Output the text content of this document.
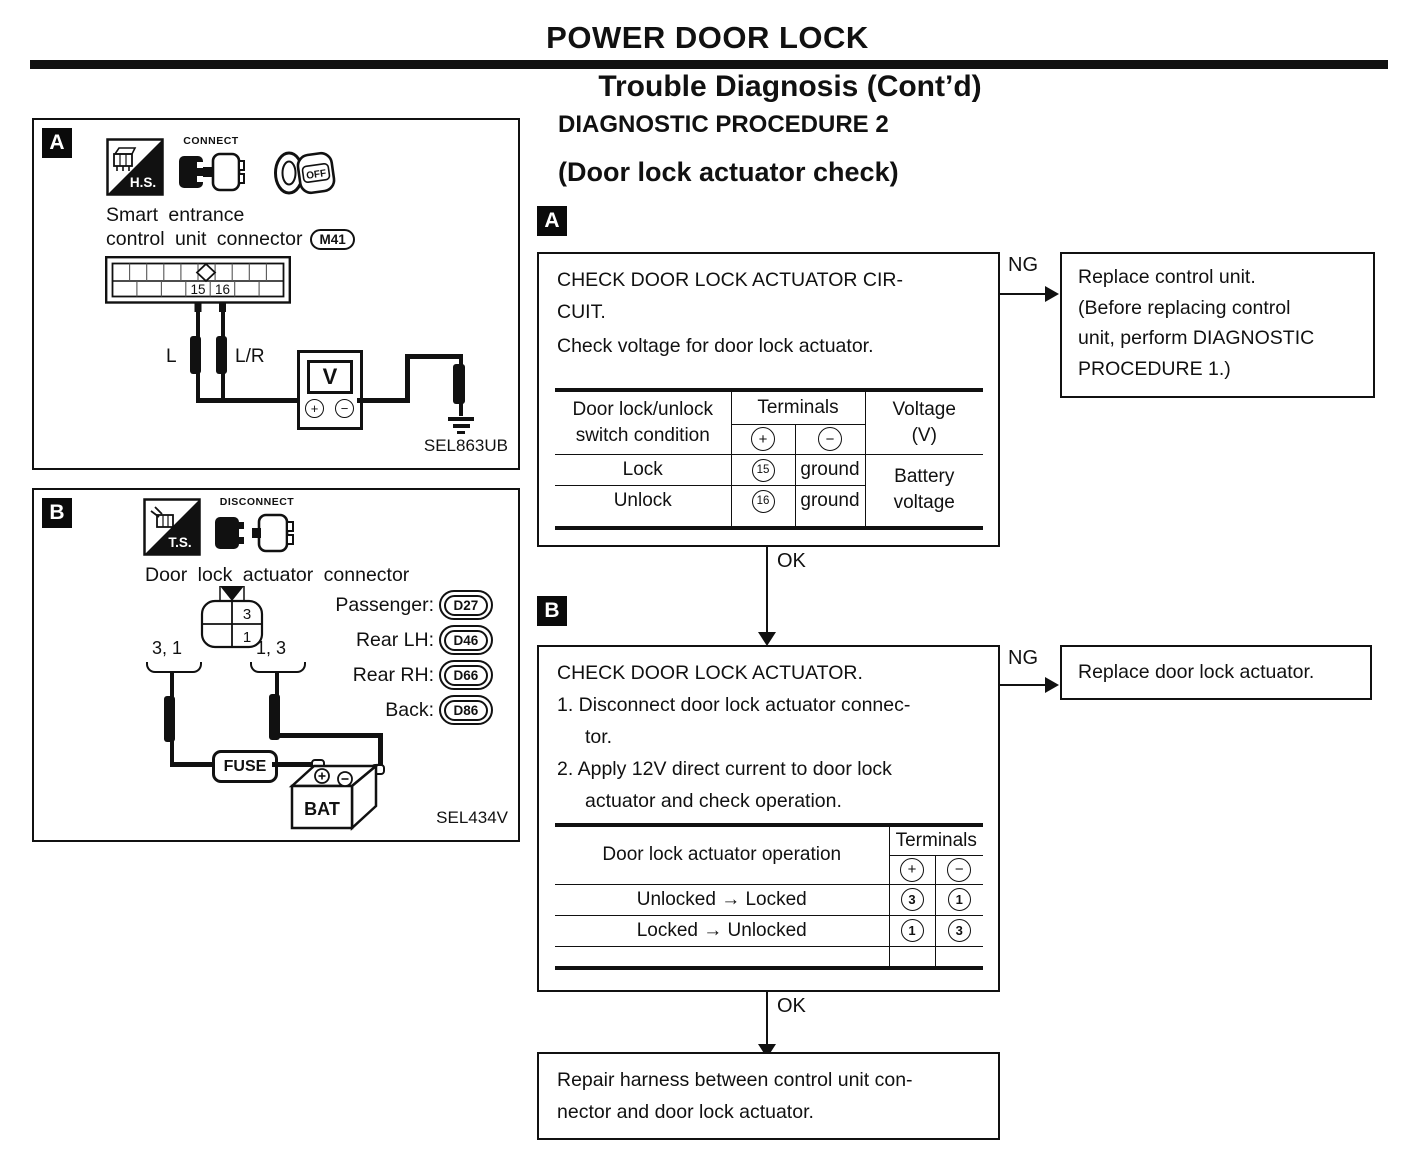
POWER DOOR LOCK
Trouble Diagnosis (Cont’d)
DIAGNOSTIC PROCEDURE 2
(Door lock actuator check)
A
H.S.
CONNECT
OFF
Smart entrance
control unit connector	M41
15 16
L	L/R
V
+	−
SEL863UB
B
T.S.
DISCONNECT
Door lock actuator connector
3
1
3, 1	1, 3
FUSE
BAT
Passenger:	D27
Rear LH:	D46
Rear RH:	D66
Back:	D86
SEL434V
A
CHECK DOOR LOCK ACTUATOR CIR-
CUIT.
Check voltage for door lock actuator.
Door lock/unlock
switch condition	Terminals		Voltage
(V)

	+	−	
Lock	15	ground	Battery
voltage

Unlock	16	ground	

NG
Replace control unit.
(Before replacing control
unit, perform DIAGNOSTIC
PROCEDURE 1.)
OK
B
CHECK DOOR LOCK ACTUATOR.
1. Disconnect door lock actuator connec-
tor.
2. Apply 12V direct current to door lock
actuator and check operation.
Door lock actuator operation	Terminals	
	+	−
Unlocked → Locked	3	1
Locked → Unlocked	1	3

NG
Replace door lock actuator.
OK
Repair harness between control unit con-
nector and door lock actuator.
